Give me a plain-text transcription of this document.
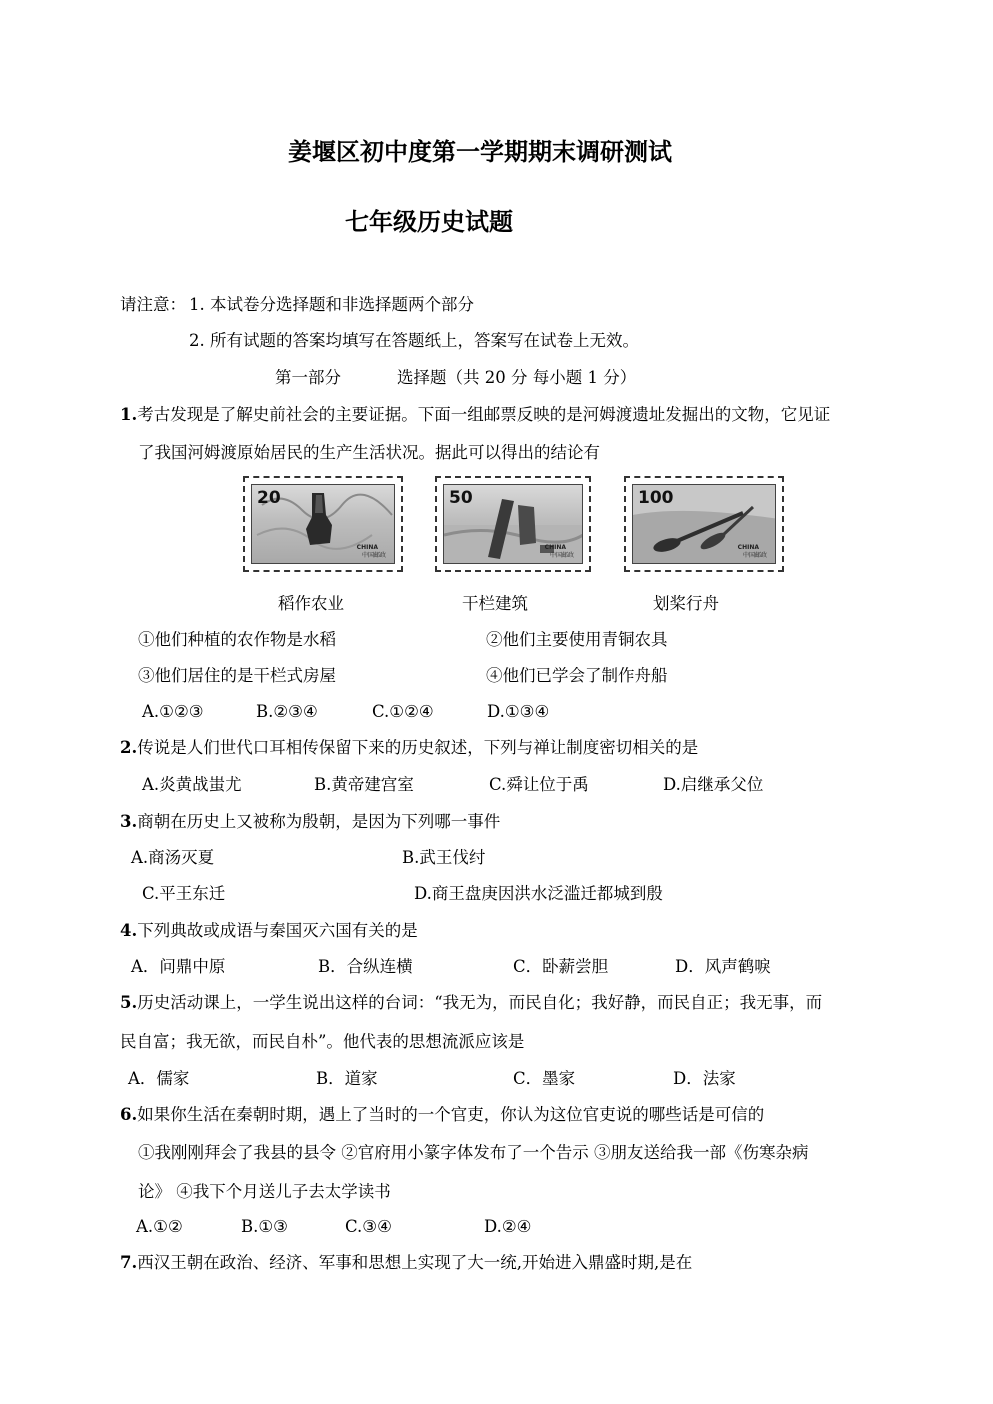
姜堰区初中度第一学期期末调研测试
七年级历史试题
请注意： 1. 本试卷分选择题和非选择题两个部分
2. 所有试题的答案均填写在答题纸上，答案写在试卷上无效。
第一部分	选择题（共 20 分 每小题 1 分）
1.考古发现是了解史前社会的主要证据。下面一组邮票反映的是河姆渡遗址发掘出的文物，它见证
了我国河姆渡原始居民的生产生活状况。据此可以得出的结论有
20
CHINA
中国邮政
50
CHINA
中国邮政
100
CHINA
中国邮政
稻作农业	干栏建筑	划桨行舟
①他们种植的农作物是水稻	②他们主要使用青铜农具
③他们居住的是干栏式房屋	④他们已学会了制作舟船
A.①②③	B.②③④	C.①②④	D.①③④
2.传说是人们世代口耳相传保留下来的历史叙述，下列与禅让制度密切相关的是
A.炎黄战蚩尤	B.黄帝建宫室	C.舜让位于禹	D.启继承父位
3.商朝在历史上又被称为殷朝，是因为下列哪一事件
A.商汤灭夏	B.武王伐纣
C.平王东迁	D.商王盘庚因洪水泛滥迁都城到殷
4.下列典故或成语与秦国灭六国有关的是
A．问鼎中原	B．合纵连横	C．卧薪尝胆	D．风声鹤唳
5.历史活动课上，一学生说出这样的台词：“我无为，而民自化；我好静，而民自正；我无事，而
民自富；我无欲，而民自朴”。他代表的思想流派应该是
A．儒家	B．道家	C．墨家	D．法家
6.如果你生活在秦朝时期，遇上了当时的一个官吏，你认为这位官吏说的哪些话是可信的
①我刚刚拜会了我县的县令 ②官府用小篆字体发布了一个告示 ③朋友送给我一部《伤寒杂病
论》 ④我下个月送儿子去太学读书
A.①②	B.①③	C.③④	D.②④
7.西汉王朝在政治、经济、军事和思想上实现了大一统,开始进入鼎盛时期,是在
